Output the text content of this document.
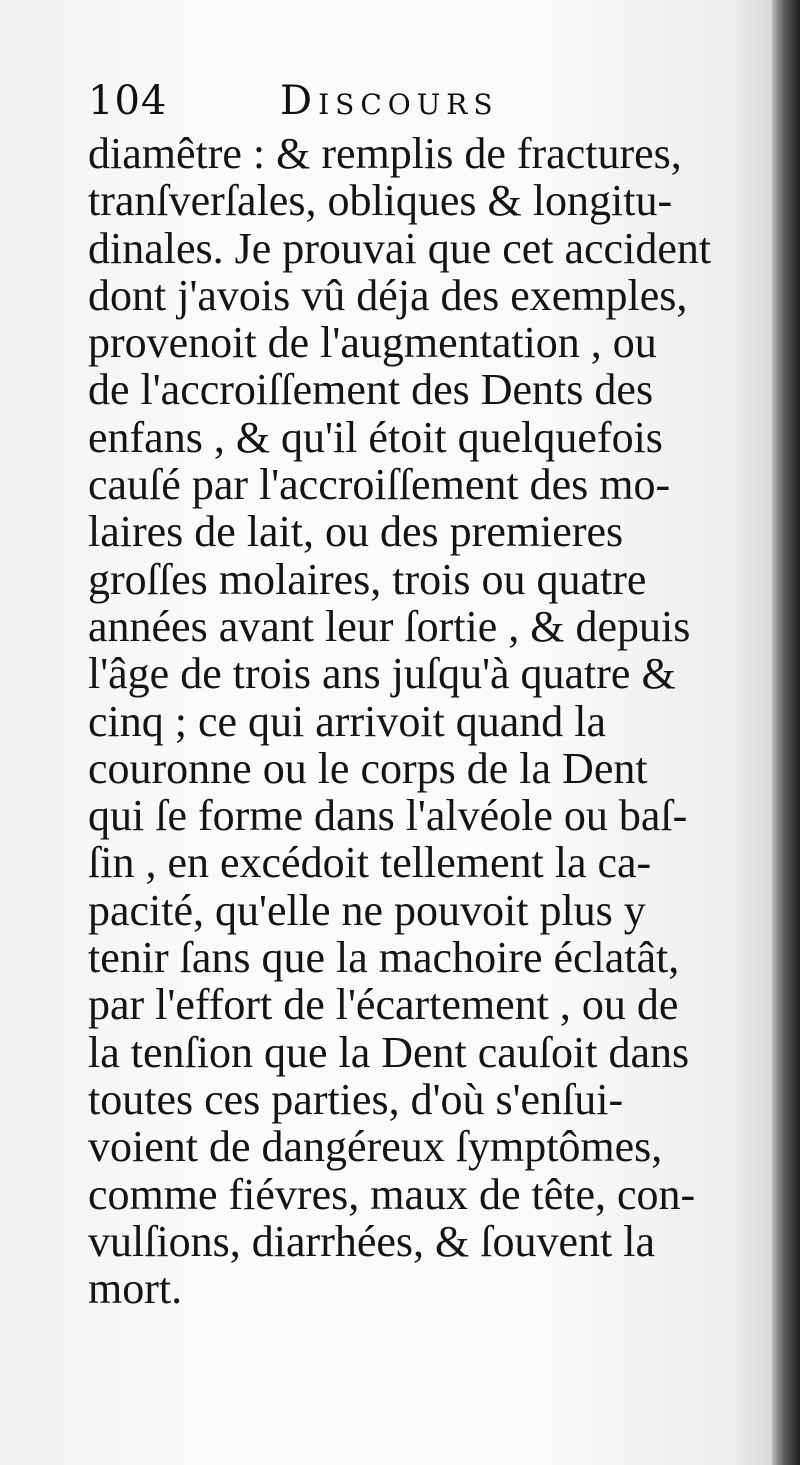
104	Discours
diamêtre : & remplis de fractures,
tranſverſales, obliques & longitu-
dinales. Je prouvai que cet accident
dont j'avois vû déja des exemples,
provenoit de l'augmentation , ou
de l'accroiſſement des Dents des
enfans , & qu'il étoit quelquefois
cauſé par l'accroiſſement des mo-
laires de lait, ou des premieres
groſſes molaires, trois ou quatre
années avant leur ſortie , & depuis
l'âge de trois ans juſqu'à quatre &
cinq ; ce qui arrivoit quand la
couronne ou le corps de la Dent
qui ſe forme dans l'alvéole ou baſ-
ſin , en excédoit tellement la ca-
pacité, qu'elle ne pouvoit plus y
tenir ſans que la machoire éclatât,
par l'effort de l'écartement , ou de
la tenſion que la Dent cauſoit dans
toutes ces parties, d'où s'enſui-
voient de dangéreux ſymptômes,
comme fiévres, maux de tête, con-
vulſions, diarrhées, & ſouvent la
mort.
